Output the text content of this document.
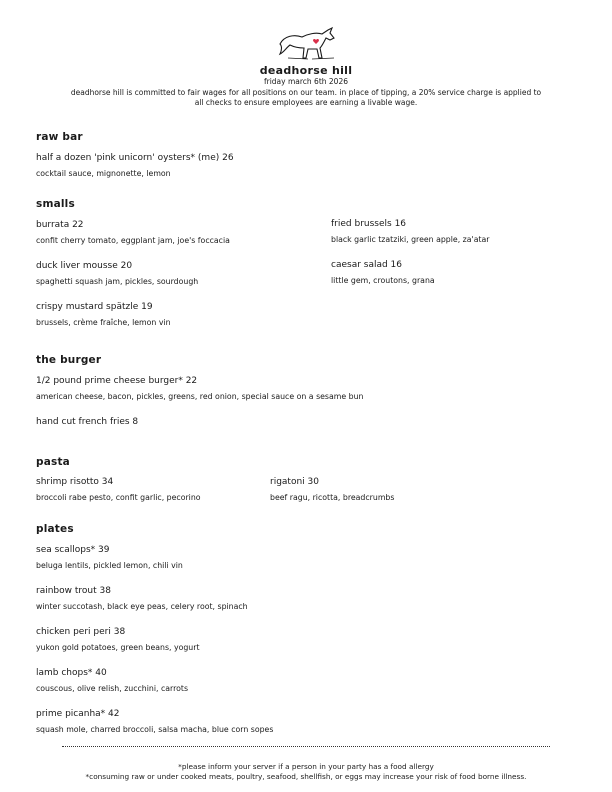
deadhorse hill
friday march 6th 2026
deadhorse hill is committed to fair wages for all positions on our team. in place of tipping, a 20% service charge is applied to
all checks to ensure employees are earning a livable wage.
raw bar
half a dozen 'pink unicorn' oysters* (me) 26
cocktail sauce, mignonette, lemon
smalls
burrata 22
confit cherry tomato, eggplant jam, joe's foccacia
fried brussels 16
black garlic tzatziki, green apple, za'atar
duck liver mousse 20
spaghetti squash jam, pickles, sourdough
caesar salad 16
little gem, croutons, grana
crispy mustard spätzle 19
brussels, crème fraîche, lemon vin
the burger
1/2 pound prime cheese burger* 22
american cheese, bacon, pickles, greens, red onion, special sauce on a sesame bun
hand cut french fries 8
pasta
shrimp risotto 34
broccoli rabe pesto, confit garlic, pecorino
rigatoni 30
beef ragu, ricotta, breadcrumbs
plates
sea scallops* 39
beluga lentils, pickled lemon, chili vin
rainbow trout 38
winter succotash, black eye peas, celery root, spinach
chicken peri peri 38
yukon gold potatoes, green beans, yogurt
lamb chops* 40
couscous, olive relish, zucchini, carrots
prime picanha* 42
squash mole, charred broccoli, salsa macha, blue corn sopes
*please inform your server if a person in your party has a food allergy
*consuming raw or under cooked meats, poultry, seafood, shellfish, or eggs may increase your risk of food borne illness.
